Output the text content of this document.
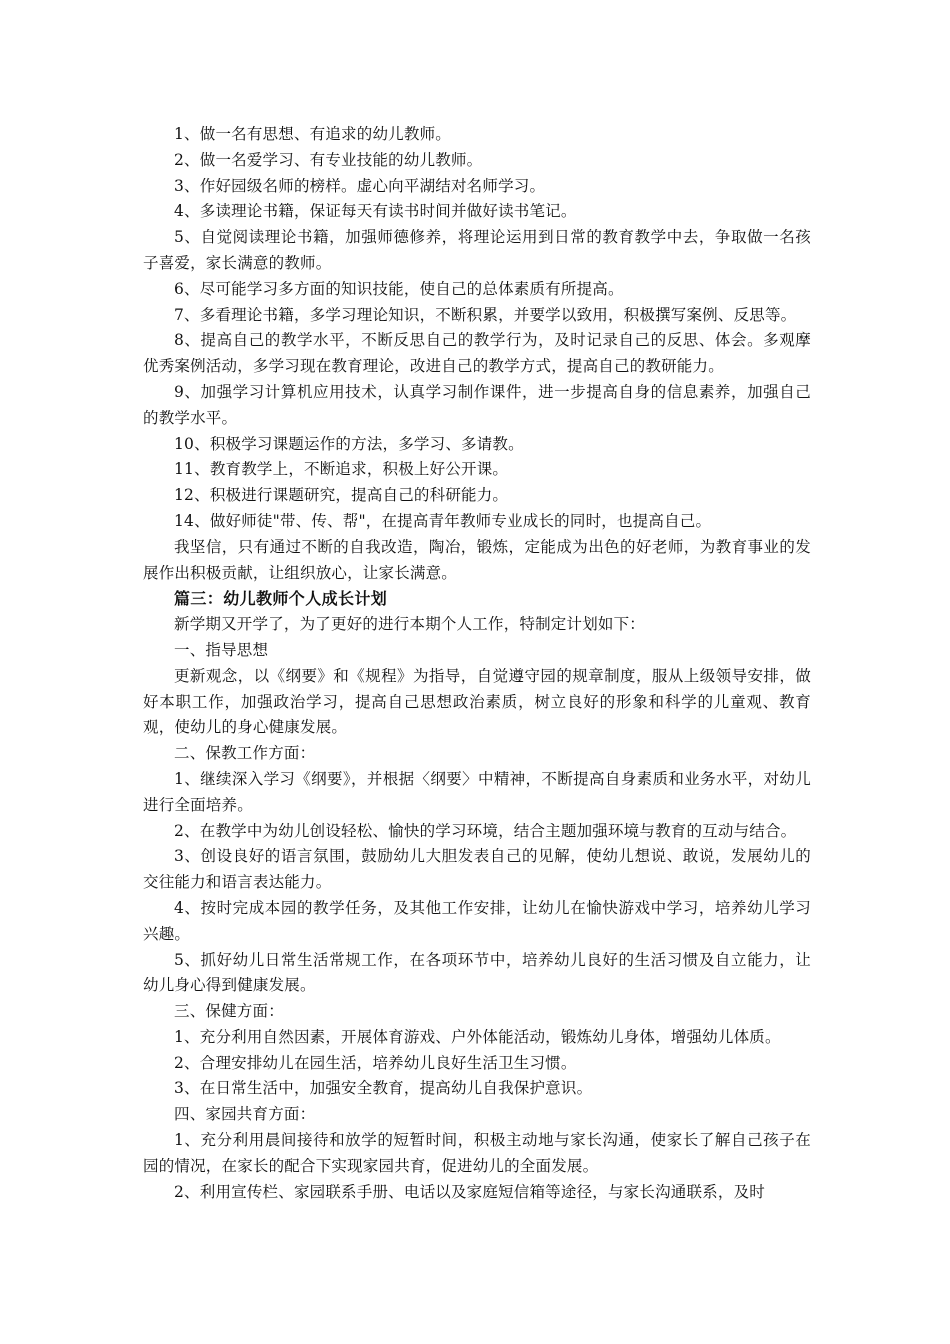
1、做一名有思想、有追求的幼儿教师。

2、做一名爱学习、有专业技能的幼儿教师。

3、作好园级名师的榜样。虚心向平湖结对名师学习。

4、多读理论书籍，保证每天有读书时间并做好读书笔记。

5、自觉阅读理论书籍，加强师德修养，将理论运用到日常的教育教学中去，争取做一名孩子喜爱，家长满意的教师。

6、尽可能学习多方面的知识技能，使自己的总体素质有所提高。

7、多看理论书籍，多学习理论知识，不断积累，并要学以致用，积极撰写案例、反思等。

8、提高自己的教学水平，不断反思自己的教学行为，及时记录自己的反思、体会。多观摩优秀案例活动，多学习现在教育理论，改进自己的教学方式，提高自己的教研能力。

9、加强学习计算机应用技术，认真学习制作课件，进一步提高自身的信息素养，加强自己的教学水平。

10、积极学习课题运作的方法，多学习、多请教。

11、教育教学上，不断追求，积极上好公开课。

12、积极进行课题研究，提高自己的科研能力。

14、做好师徒"带、传、帮"，在提高青年教师专业成长的同时，也提高自己。

我坚信，只有通过不断的自我改造，陶冶，锻炼，定能成为出色的好老师，为教育事业的发展作出积极贡献，让组织放心，让家长满意。

篇三：幼儿教师个人成长计划

新学期又开学了，为了更好的进行本期个人工作，特制定计划如下：

一、指导思想

更新观念，以《纲要》和《规程》为指导，自觉遵守园的规章制度，服从上级领导安排，做好本职工作，加强政治学习，提高自己思想政治素质，树立良好的形象和科学的儿童观、教育观，使幼儿的身心健康发展。

二、保教工作方面：

1、继续深入学习《纲要》，并根据〈纲要〉中精神，不断提高自身素质和业务水平，对幼儿进行全面培养。

2、在教学中为幼儿创设轻松、愉快的学习环境，结合主题加强环境与教育的互动与结合。

3、创设良好的语言氛围，鼓励幼儿大胆发表自己的见解，使幼儿想说、敢说，发展幼儿的交往能力和语言表达能力。

4、按时完成本园的教学任务，及其他工作安排，让幼儿在愉快游戏中学习，培养幼儿学习兴趣。

5、抓好幼儿日常生活常规工作，在各项环节中，培养幼儿良好的生活习惯及自立能力，让幼儿身心得到健康发展。

三、保健方面：

1、充分利用自然因素，开展体育游戏、户外体能活动，锻炼幼儿身体，增强幼儿体质。

2、合理安排幼儿在园生活，培养幼儿良好生活卫生习惯。

3、在日常生活中，加强安全教育，提高幼儿自我保护意识。

四、家园共育方面：

1、充分利用晨间接待和放学的短暂时间，积极主动地与家长沟通，使家长了解自己孩子在园的情况，在家长的配合下实现家园共育，促进幼儿的全面发展。

2、利用宣传栏、家园联系手册、电话以及家庭短信箱等途径，与家长沟通联系，及时
